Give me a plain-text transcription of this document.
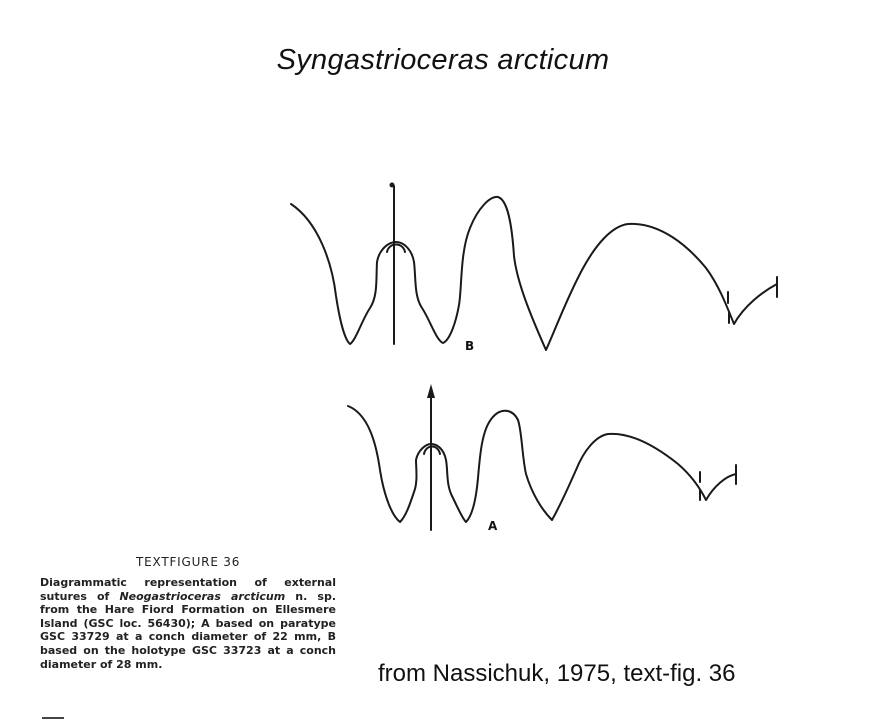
Syngastrioceras arcticum
B
A
TEXTFIGURE 36
Diagrammatic representation of external sutures of Neogastrioceras arcticum n. sp. from the Hare Fiord Formation on Ellesmere Island (GSC loc. 56430); A based on paratype GSC 33729 at a conch diameter of 22 mm, B based on the holotype GSC 33723 at a conch diameter of 28 mm.	from Nassichuk, 1975, text-fig. 36
